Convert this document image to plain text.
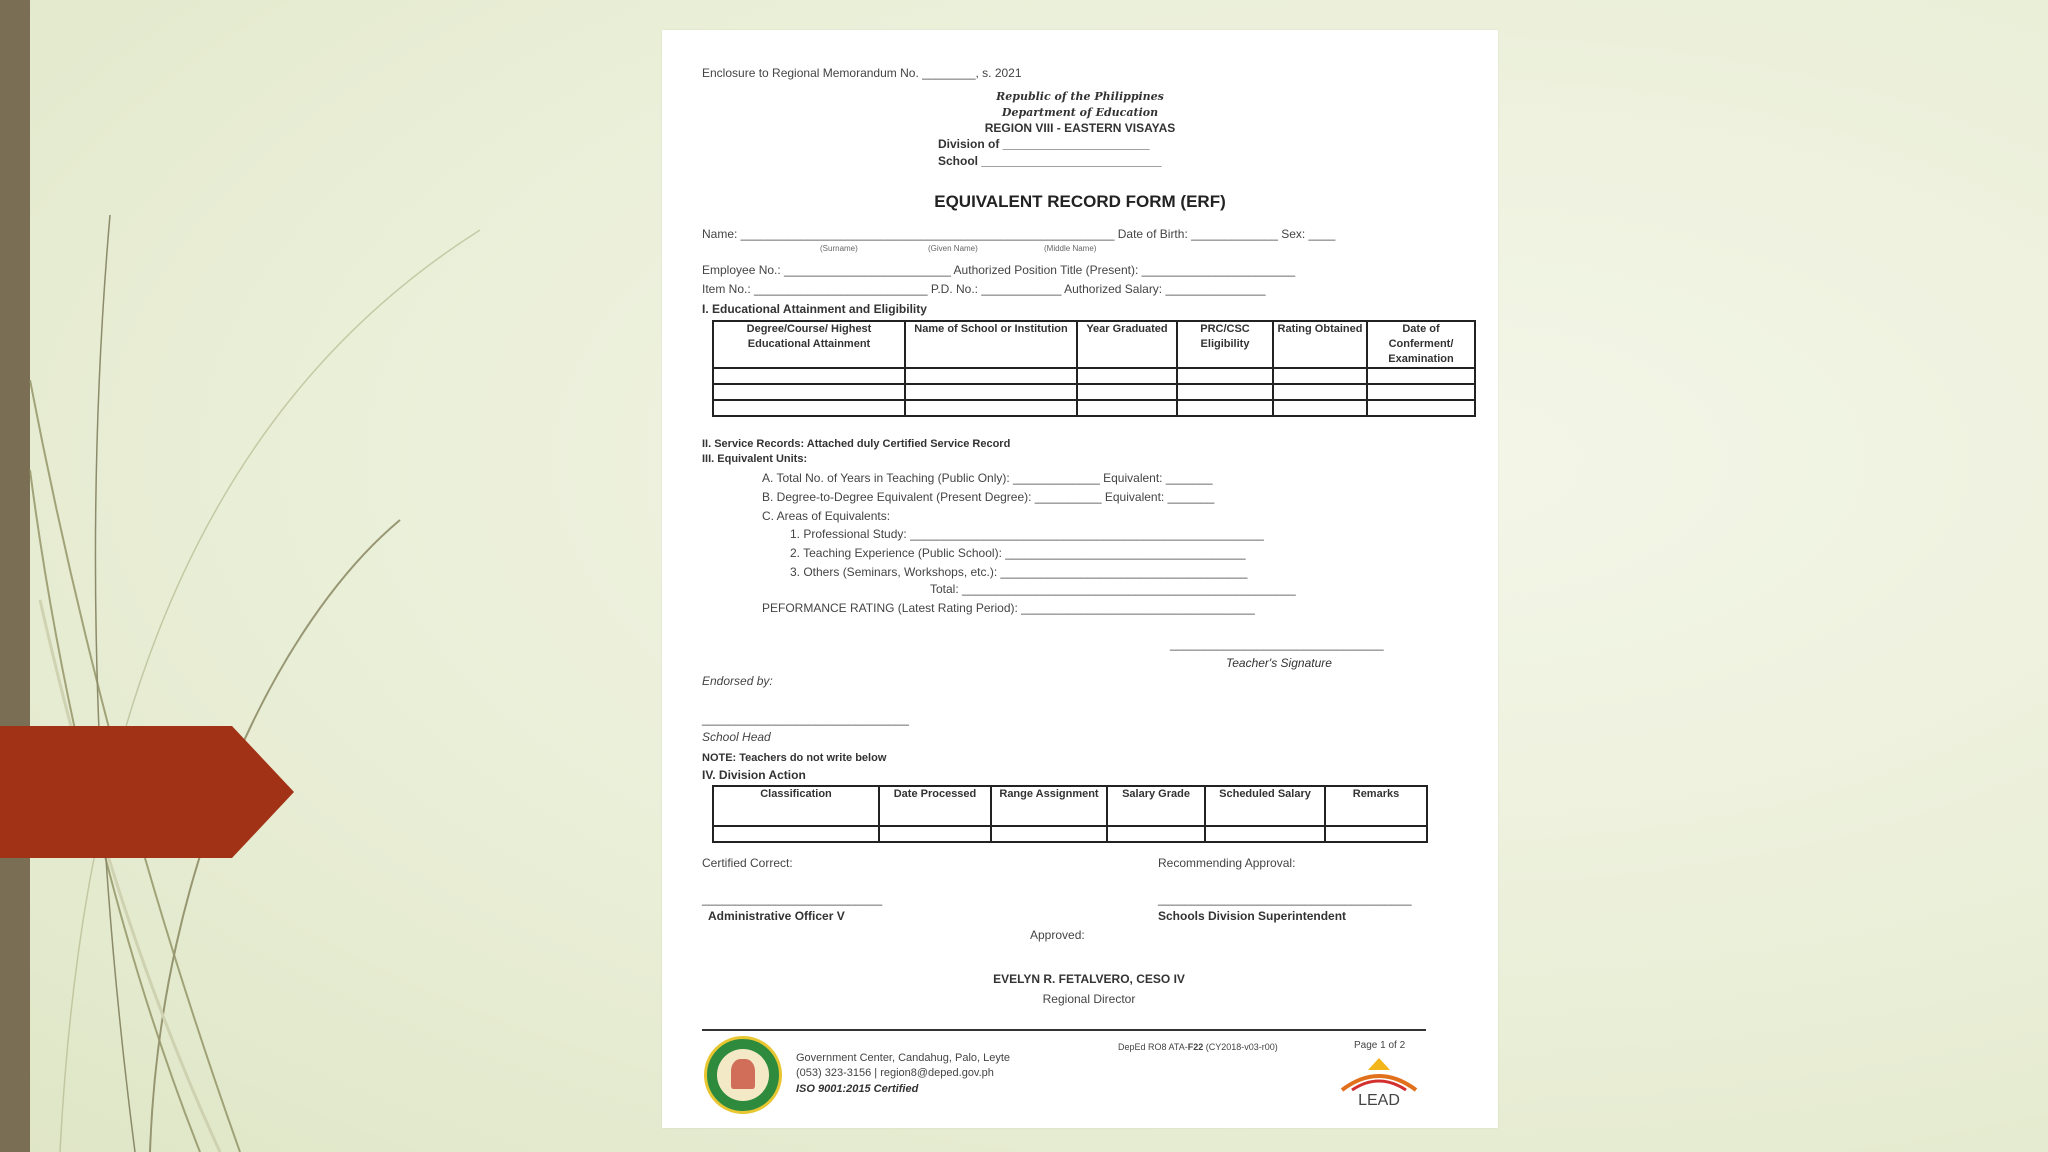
Enclosure to Regional Memorandum No. ________, s. 2021
Republic of the Philippines
Department of Education
REGION VIII - EASTERN VISAYAS
Division of ______________________
School ___________________________
EQUIVALENT RECORD FORM (ERF)
Name: ________________________________________________________ Date of Birth: _____________ Sex: ____
(Surname)	(Given Name)	(Middle Name)
Employee No.: _________________________ Authorized Position Title (Present): _______________________
Item No.: __________________________ P.D. No.: ____________ Authorized Salary: _______________
I. Educational Attainment and Eligibility
Degree/Course/ Highest Educational Attainment	Name of School or Institution	Year Graduated	PRC/CSC Eligibility	Rating Obtained	Date of Conferment/ Examination

II. Service Records: Attached duly Certified Service Record
III. Equivalent Units:
A. Total No. of Years in Teaching (Public Only): _____________ Equivalent: _______
B. Degree-to-Degree Equivalent (Present Degree): __________ Equivalent: _______
C. Areas of Equivalents:
1. Professional Study: _____________________________________________________
2. Teaching Experience (Public School): ____________________________________
3. Others (Seminars, Workshops, etc.): _____________________________________
Total: __________________________________________________
PEFORMANCE RATING (Latest Rating Period): ___________________________________
________________________________
Teacher's Signature
Endorsed by:
_______________________________
School Head
NOTE: Teachers do not write below
IV. Division Action
Classification	Date Processed	Range Assignment	Salary Grade	Scheduled Salary	Remarks

Certified Correct:	Recommending Approval:
___________________________	______________________________________
Administrative Officer V	Schools Division Superintendent
Approved:
EVELYN R. FETALVERO, CESO IV
Regional Director
Government Center, Candahug, Palo, Leyte
(053) 323-3156 | region8@deped.gov.ph
ISO 9001:2015 Certified
DepEd RO8 ATA-F22 (CY2018-v03-r00)	Page 1 of 2
LEAD
